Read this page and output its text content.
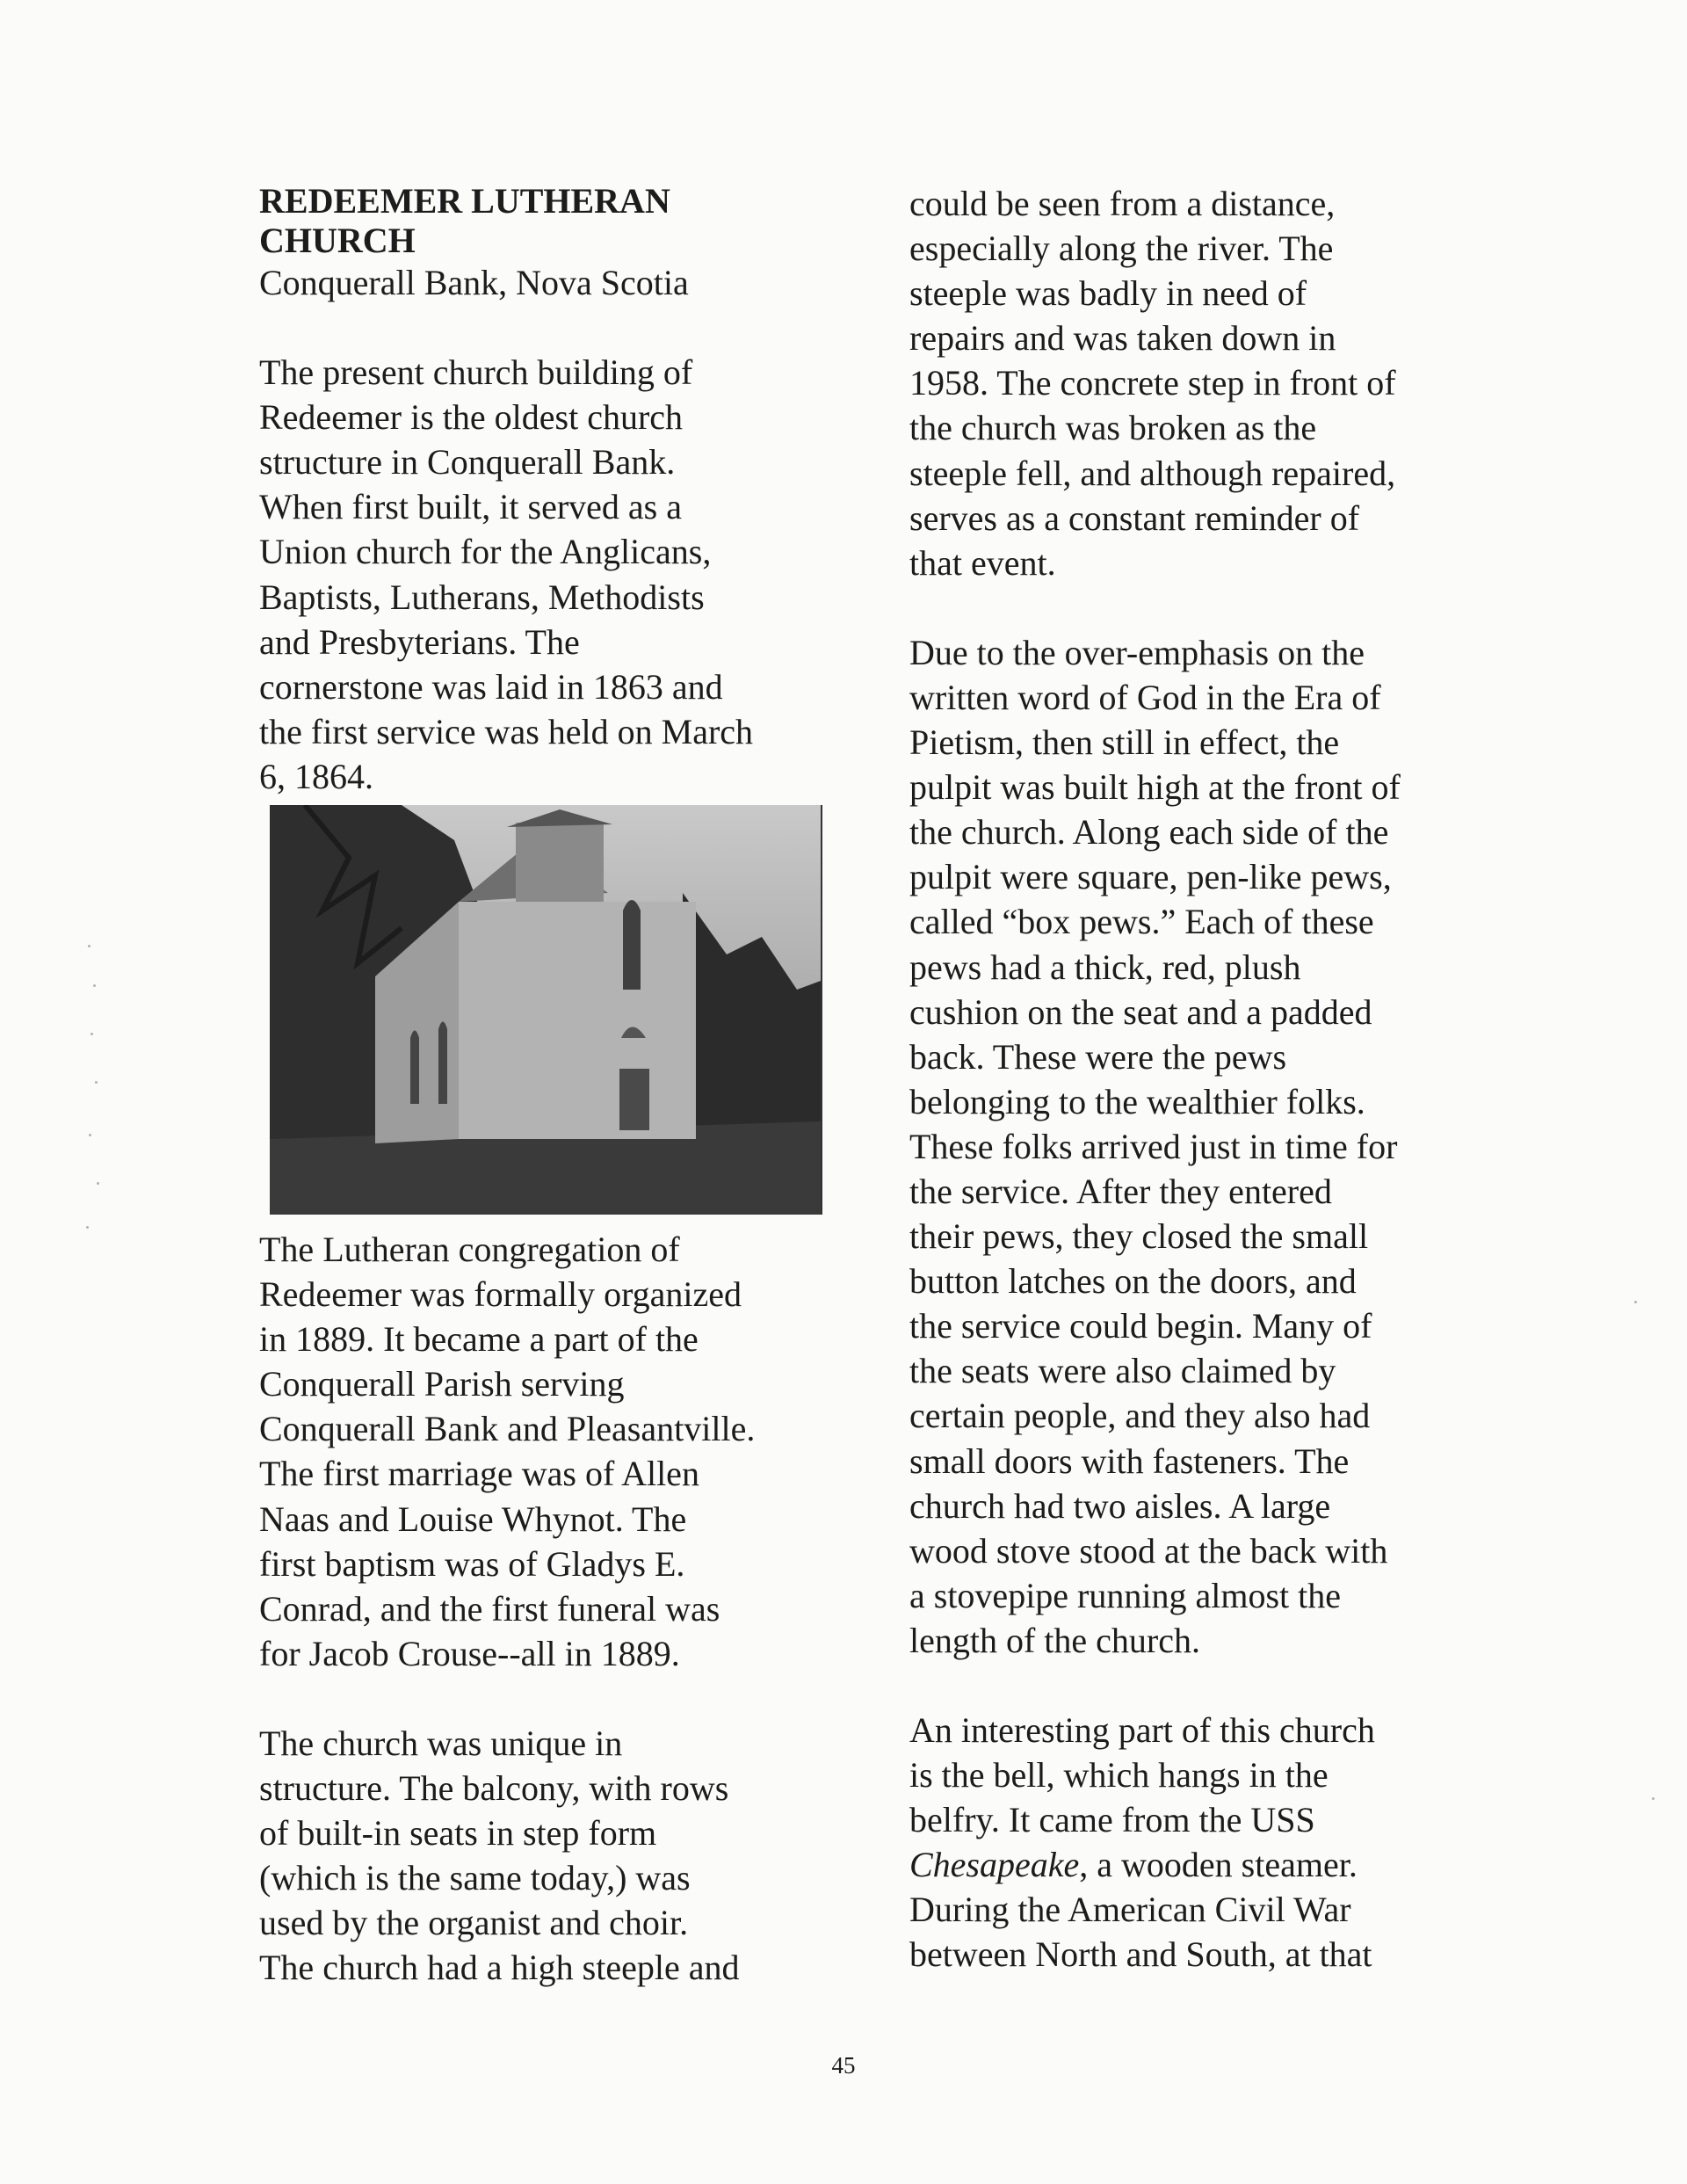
REDEEMER LUTHERAN
CHURCH
Conquerall Bank, Nova Scotia
The present church building of
Redeemer is the oldest church
structure in Conquerall Bank.
When first built, it served as a
Union church for the Anglicans,
Baptists, Lutherans, Methodists
and Presbyterians. The
cornerstone was laid in 1863 and
the first service was held on March
6, 1864.
The Lutheran congregation of
Redeemer was formally organized
in 1889. It became a part of the
Conquerall Parish serving
Conquerall Bank and Pleasantville.
The first marriage was of Allen
Naas and Louise Whynot. The
first baptism was of Gladys E.
Conrad, and the first funeral was
for Jacob Crouse--all in 1889.
The church was unique in
structure. The balcony, with rows
of built-in seats in step form
(which is the same today,) was
used by the organist and choir.
The church had a high steeple and
could be seen from a distance,
especially along the river. The
steeple was badly in need of
repairs and was taken down in
1958. The concrete step in front of
the church was broken as the
steeple fell, and although repaired,
serves as a constant reminder of
that event.
Due to the over-emphasis on the
written word of God in the Era of
Pietism, then still in effect, the
pulpit was built high at the front of
the church. Along each side of the
pulpit were square, pen-like pews,
called “box pews.” Each of these
pews had a thick, red, plush
cushion on the seat and a padded
back. These were the pews
belonging to the wealthier folks.
These folks arrived just in time for
the service. After they entered
their pews, they closed the small
button latches on the doors, and
the service could begin. Many of
the seats were also claimed by
certain people, and they also had
small doors with fasteners. The
church had two aisles. A large
wood stove stood at the back with
a stovepipe running almost the
length of the church.
An interesting part of this church
is the bell, which hangs in the
belfry. It came from the USS
Chesapeake, a wooden steamer.
During the American Civil War
between North and South, at that
45
